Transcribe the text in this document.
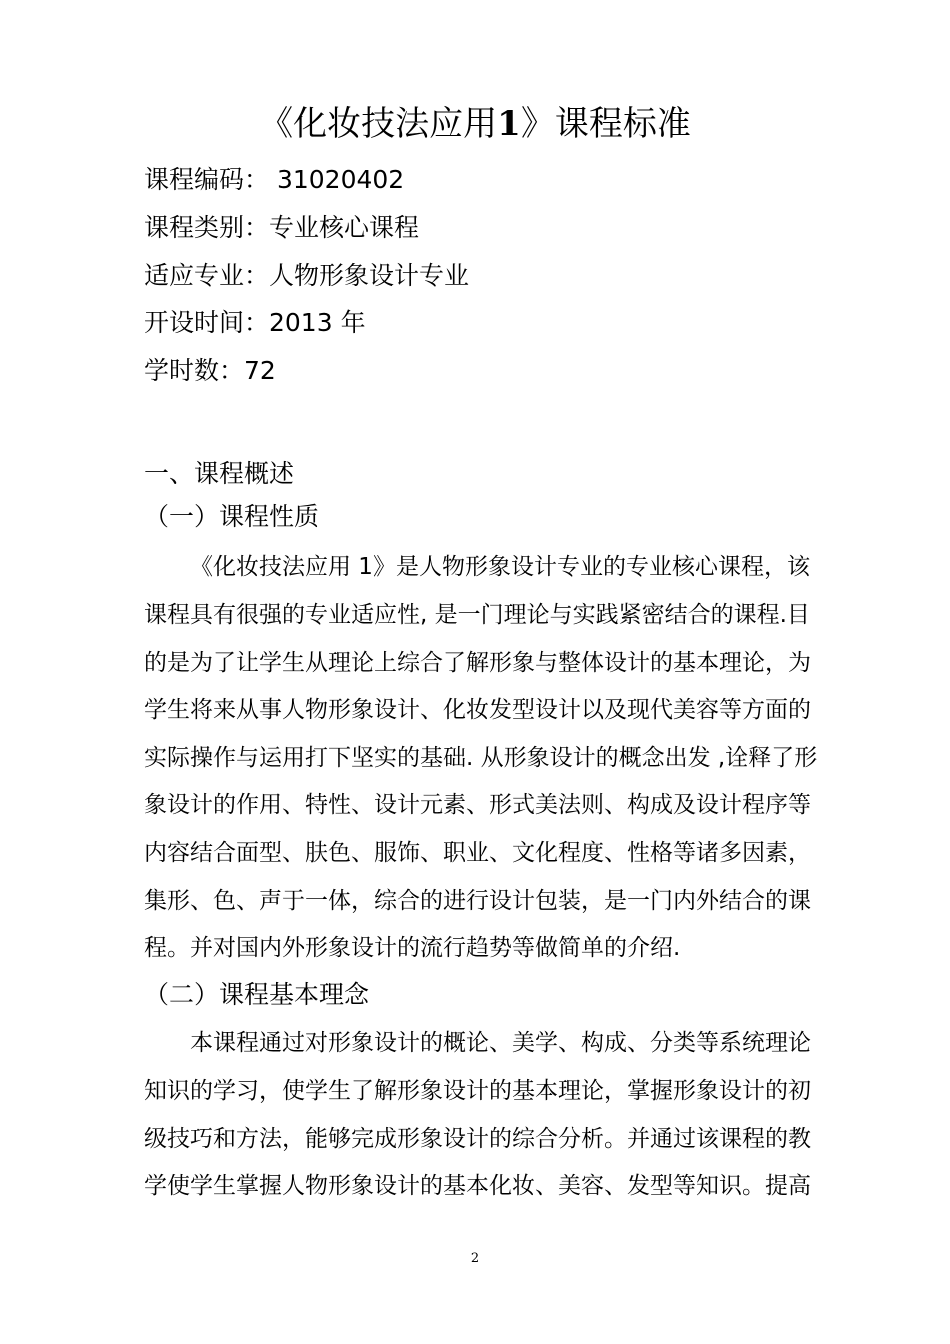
《化妆技法应用1》课程标准
课程编码： 31020402
课程类别：专业核心课程
适应专业：人物形象设计专业
开设时间：2013 年
学时数：72
一、课程概述
（一）课程性质
《化妆技法应用 1》是人物形象设计专业的专业核心课程，该
课程具有很强的专业适应性, 是一门理论与实践紧密结合的课程.目
的是为了让学生从理论上综合了解形象与整体设计的基本理论，为
学生将来从事人物形象设计、化妆发型设计以及现代美容等方面的
实际操作与运用打下坚实的基础. 从形象设计的概念出发 ,诠释了形
象设计的作用、特性、设计元素、形式美法则、构成及设计程序等
内容结合面型、肤色、服饰、职业、文化程度、性格等诸多因素，
集形、色、声于一体，综合的进行设计包装，是一门内外结合的课
程。并对国内外形象设计的流行趋势等做简单的介绍.
（二）课程基本理念
本课程通过对形象设计的概论、美学、构成、分类等系统理论
知识的学习，使学生了解形象设计的基本理论，掌握形象设计的初
级技巧和方法，能够完成形象设计的综合分析。并通过该课程的教
学使学生掌握人物形象设计的基本化妆、美容、发型等知识。提高
2
